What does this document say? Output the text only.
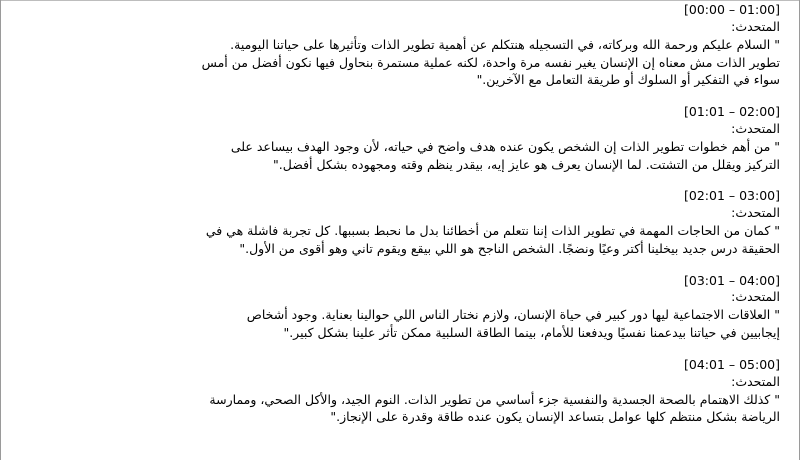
[00:00 – 01:00]

المتحدث:

" السلام عليكم ورحمة الله وبركاته، في التسجيله هنتكلم عن أهمية تطوير الذات وتأثيرها على حياتنا اليومية.

تطوير الذات مش معناه إن الإنسان يغير نفسه مرة واحدة، لكنه عملية مستمرة بنحاول فيها نكون أفضل من أمس

سواء في التفكير أو السلوك أو طريقة التعامل مع الآخرين."

[01:01 – 02:00]

المتحدث:

" من أهم خطوات تطوير الذات إن الشخص يكون عنده هدف واضح في حياته، لأن وجود الهدف بيساعد على

التركيز ويقلل من التشتت. لما الإنسان يعرف هو عايز إيه، بيقدر ينظم وقته ومجهوده بشكل أفضل."

[02:01 – 03:00]

المتحدث:

" كمان من الحاجات المهمة في تطوير الذات إننا نتعلم من أخطائنا بدل ما نحبط بسببها. كل تجربة فاشلة هي في

الحقيقة درس جديد بيخلينا أكتر وعيًا ونضجًا. الشخص الناجح هو اللي بيقع ويقوم تاني وهو أقوى من الأول."

[03:01 – 04:00]

المتحدث:

" العلاقات الاجتماعية ليها دور كبير في حياة الإنسان، ولازم نختار الناس اللي حوالينا بعناية. وجود أشخاص

إيجابيين في حياتنا بيدعمنا نفسيًا ويدفعنا للأمام، بينما الطاقة السلبية ممكن تأثر علينا بشكل كبير."

[04:01 – 05:00]

المتحدث:

" كذلك الاهتمام بالصحة الجسدية والنفسية جزء أساسي من تطوير الذات. النوم الجيد، والأكل الصحي، وممارسة

الرياضة بشكل منتظم كلها عوامل بتساعد الإنسان يكون عنده طاقة وقدرة على الإنجاز."
